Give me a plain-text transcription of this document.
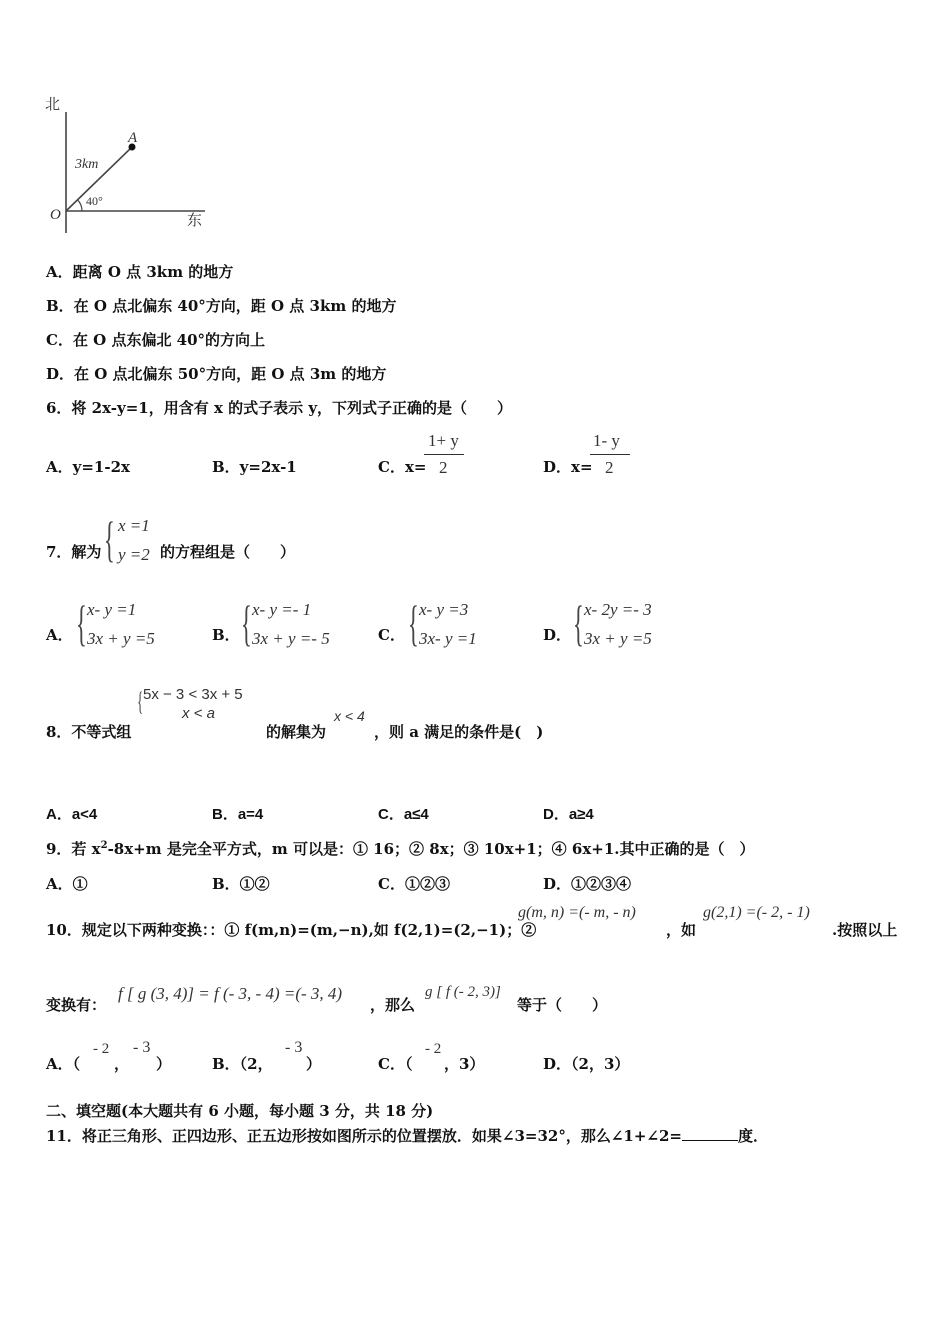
北
东
O
A
3km
40°
A．距离 O 点 3km 的地方
B．在 O 点北偏东 40°方向，距 O 点 3km 的地方
C．在 O 点东偏北 40°的方向上
D．在 O 点北偏东 50°方向，距 O 点 3m 的地方
6．将 2x-y=1，用含有 x 的式子表示 y，下列式子正确的是（　　）
A．y=1-2x	B．y=2x-1	C．x=
1+ y
2	D．x=
1- y
2
7．解为 { x =1
y =2 的方程组是（　　）
A． { x- y =1
3x + y =5	B． { x- y =- 1
3x + y =- 5	C． { x- y =3
3x- y =1	D． { x- 2y =- 3
3x + y =5
8．不等式组
{ 5x − 3 < 3x + 5
x < a
的解集为
x < 4
，则 a 满足的条件是(　)
A．a<4	B．a=4	C．a≤4	D．a≥4
9．若 $x^2-8x+m$ 是完全平方式，m 可以是：① 16；② 8x；③ 10x+1；④ 6x+1.其中正确的是（　）
A．①	B．①②	C．①②③	D．①②③④
10．规定以下两种变换：：① f(m,n)=(m,−n),如 f(2,1)=(2,−1)；②
g(m, n) =(- m, - n)
，如
g(2,1) =(- 2, - 1)
.按照以上
变换有：
f [ g (3, 4)] = f (- 3, - 4) =(- 3, 4)
，那么
g [ f (- 2, 3)]
等于（　　）
A．（
- 2
，
- 3
）	B．（2，
- 3
）	C．（
- 2
，3）	D．（2，3）
二、填空题(本大题共有 6 小题，每小题 3 分，共 18 分)
11．将正三角形、正四边形、正五边形按如图所示的位置摆放．如果∠3=32°，那么∠1+∠2=	度．
